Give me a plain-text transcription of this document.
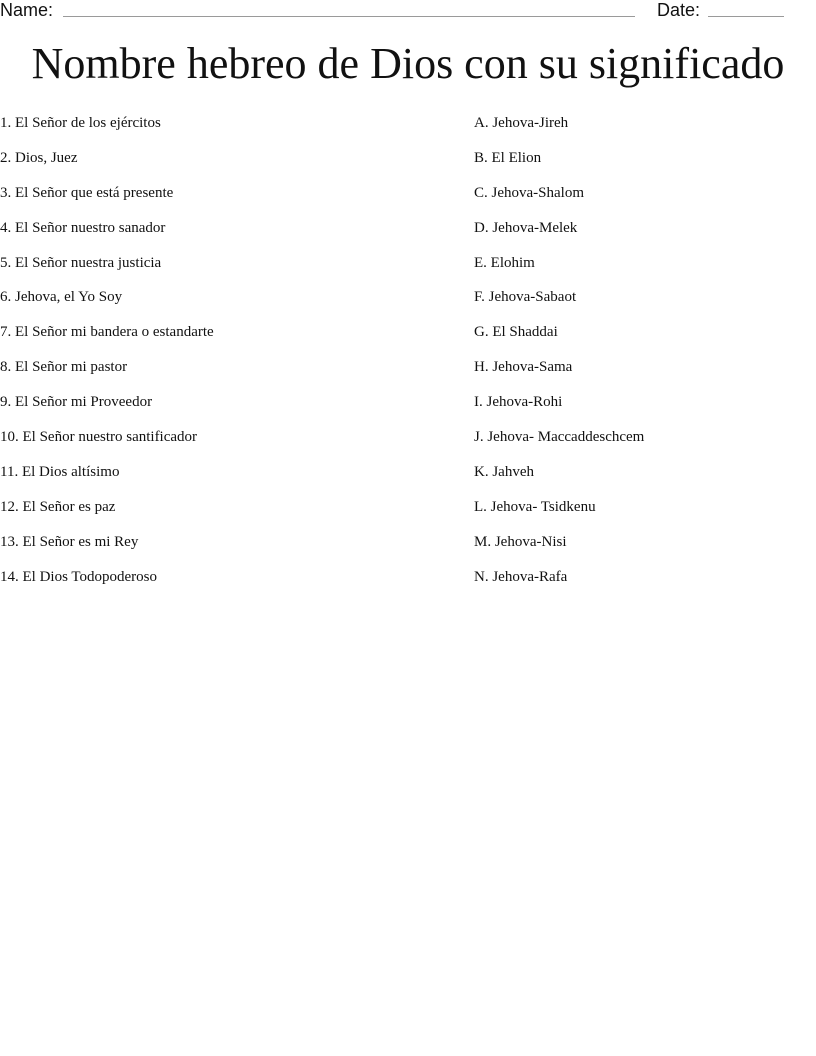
Name:	Date:
Nombre hebreo de Dios con su significado
1. El Señor de los ejércitos
2. Dios, Juez
3. El Señor que está presente
4. El Señor nuestro sanador
5. El Señor nuestra justicia
6. Jehova, el Yo Soy
7. El Señor mi bandera o estandarte
8. El Señor mi pastor
9. El Señor mi Proveedor
10. El Señor nuestro santificador
11. El Dios altísimo
12. El Señor es paz
13. El Señor es mi Rey
14. El Dios Todopoderoso
A. Jehova-Jireh
B. El Elion
C. Jehova-Shalom
D. Jehova-Melek
E. Elohim
F. Jehova-Sabaot
G. El Shaddai
H. Jehova-Sama
I. Jehova-Rohi
J. Jehova- Maccaddeschcem
K. Jahveh
L. Jehova- Tsidkenu
M. Jehova-Nisi
N. Jehova-Rafa
